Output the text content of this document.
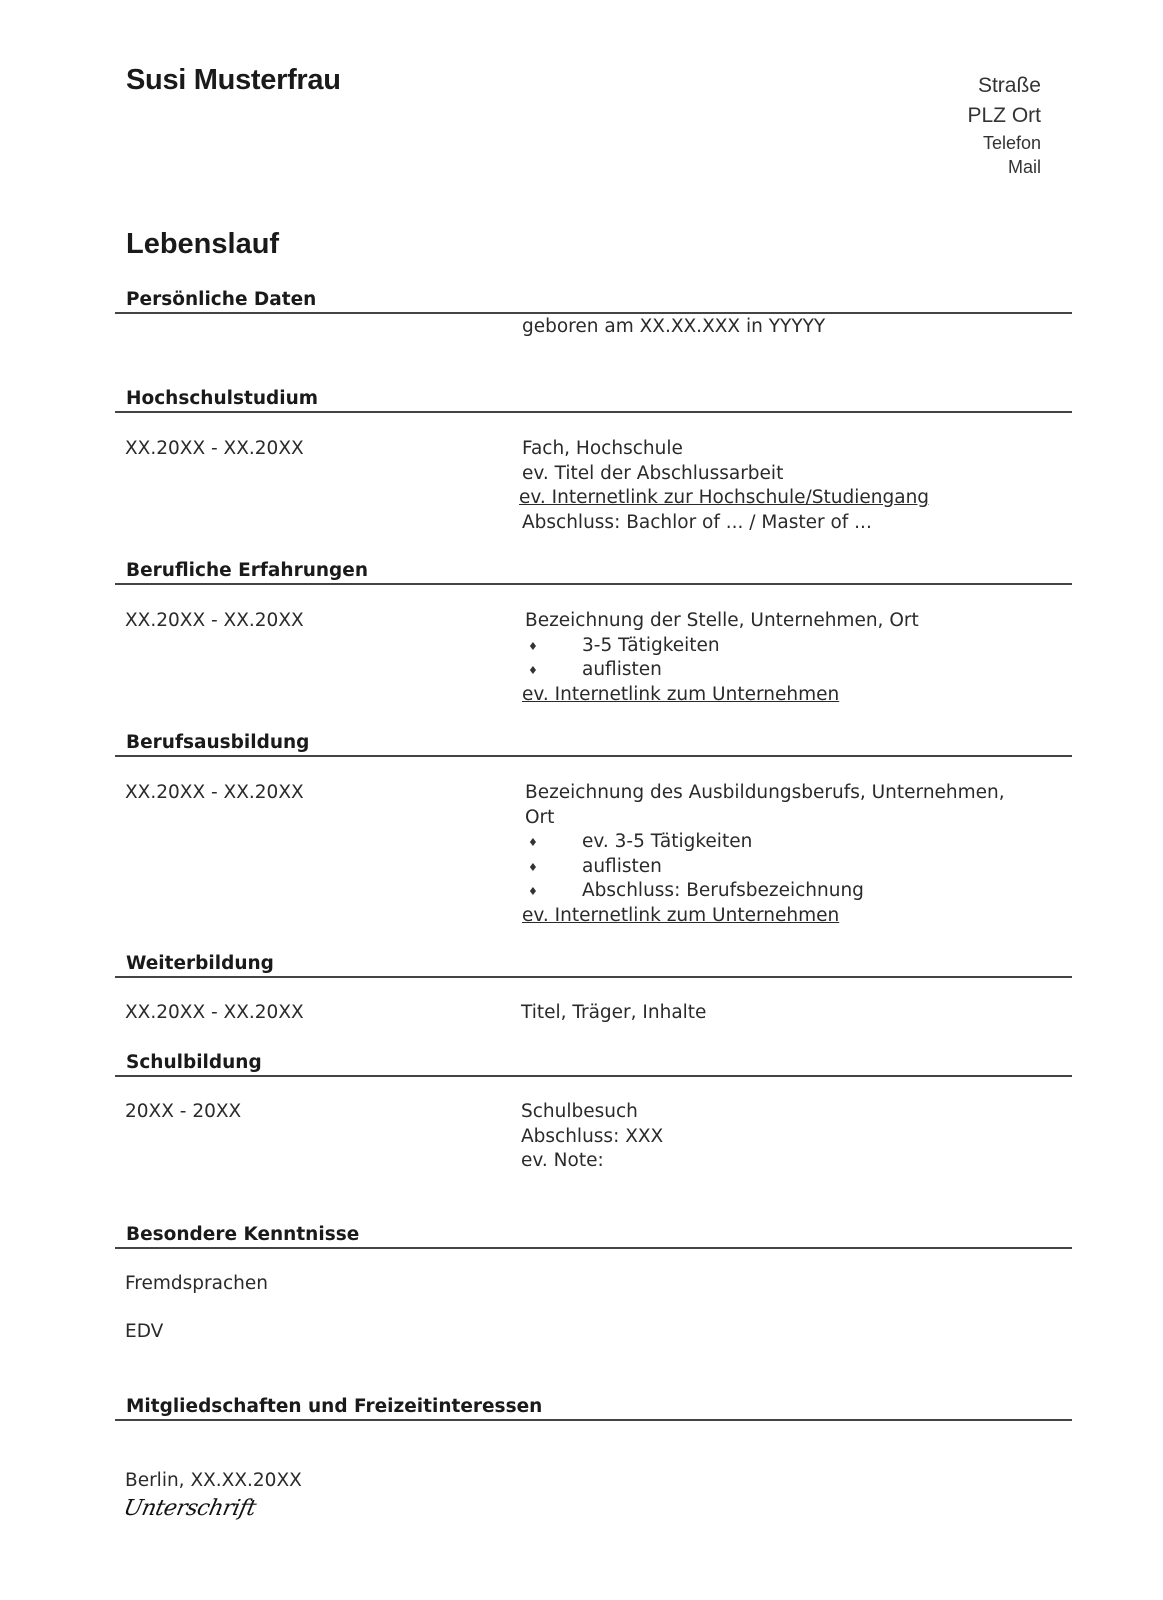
Susi Musterfrau	Straße
PLZ Ort
Telefon
Mail
Lebenslauf
Persönliche Daten
geboren am XX.XX.XXX in YYYYY
Hochschulstudium
XX.20XX - XX.20XX	Fach, Hochschule
ev. Titel der Abschlussarbeit
ev. Internetlink zur Hochschule/Studiengang
Abschluss: Bachlor of ... / Master of ...
Berufliche Erfahrungen
XX.20XX - XX.20XX	Bezeichnung der Stelle, Unternehmen, Ort
♦ 3-5 Tätigkeiten
♦ auflisten
ev. Internetlink zum Unternehmen
Berufsausbildung
XX.20XX - XX.20XX	Bezeichnung des Ausbildungsberufs, Unternehmen,
Ort
♦ ev. 3-5 Tätigkeiten
♦ auflisten
♦ Abschluss: Berufsbezeichnung
ev. Internetlink zum Unternehmen
Weiterbildung
XX.20XX - XX.20XX	Titel, Träger, Inhalte
Schulbildung
20XX - 20XX	Schulbesuch
Abschluss: XXX
ev. Note:
Besondere Kenntnisse
Fremdsprachen
EDV
Mitgliedschaften und Freizeitinteressen
Berlin, XX.XX.20XX
Unterschrift
